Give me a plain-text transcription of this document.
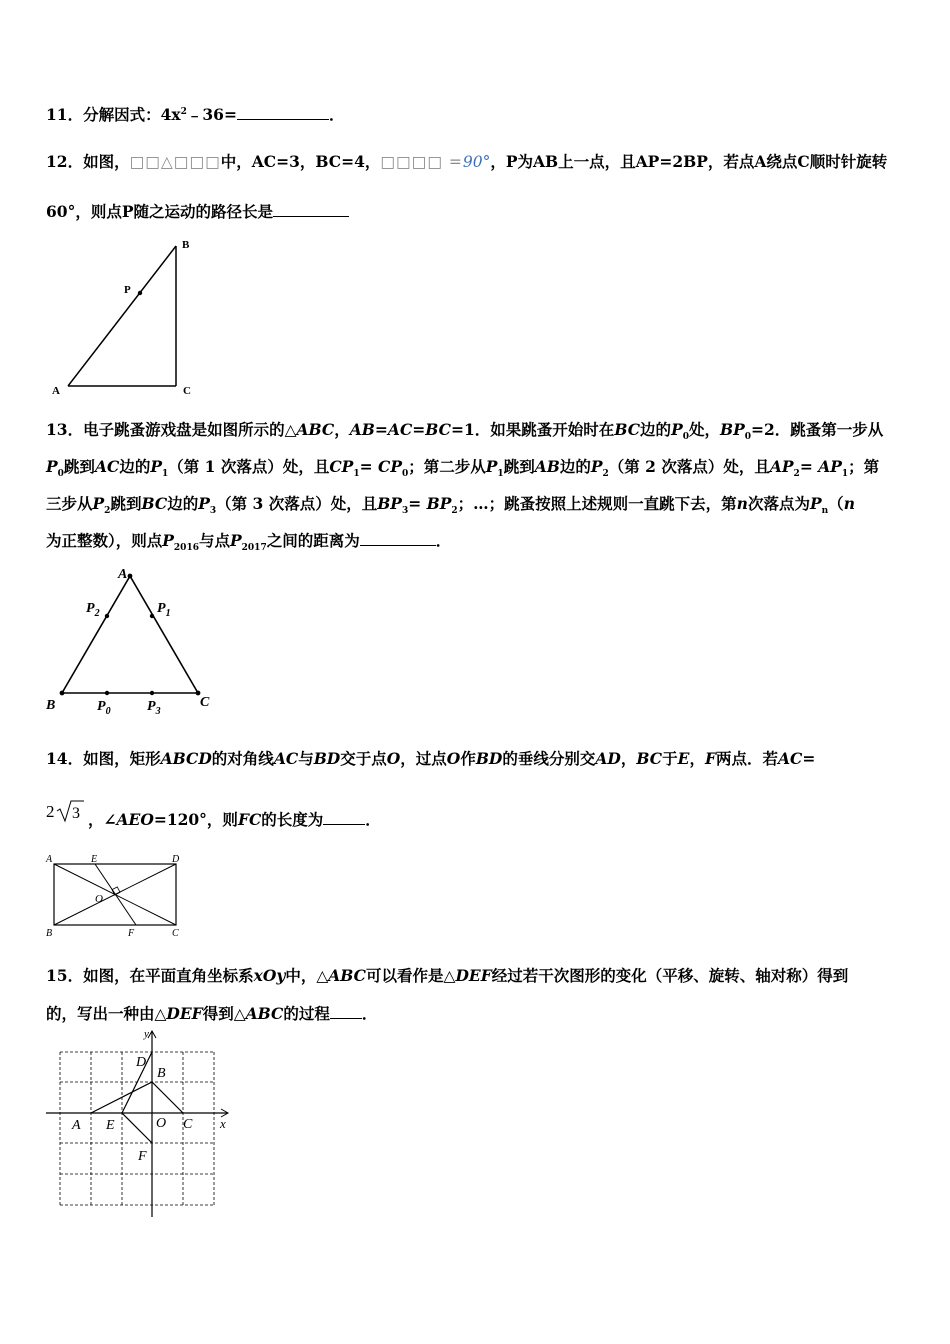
11．分解因式：$4x^2﹣36=$	．
12．如图，□□△□□□中，AC=3，BC=4，□□□□ =90°，P为AB上一点，且AP=2BP，若点A绕点C顺时针旋转
60°，则点P随之运动的路径长是
B
P
A	C
13．电子跳蚤游戏盘是如图所示的△ABC，AB=AC=BC=1．如果跳蚤开始时在BC边的$P_0$处，$BP_0=2$．跳蚤第一步从
$P_0$跳到AC边的$P_1$（第 1 次落点）处，且$CP_1= CP_0$；第二步从$P_1$跳到AB边的$P_2$（第 2 次落点）处，且$AP_2= AP_1$；第
三步从$P_2$跳到BC边的$P_3$（第 3 次落点）处，且$BP_3= BP_2$；…；跳蚤按照上述规则一直跳下去，第n次落点为$P_n(n$
为正整数），则点$P_{2016}$与点$P_{2017}$之间的距离为	．
A
$P_2$	$P_1$
B	$P_0$	$P_3$
C
14．如图，矩形ABCD的对角线AC与BD交于点O，过点O作BD的垂线分别交AD，BC于E，F两点．若AC=
2 3 ，∠AEO=120°，则FC的长度为	．
A	E	D
O
B	F	C
15．如图，在平面直角坐标系xOy中，△ABC可以看作是△DEF经过若干次图形的变化（平移、旋转、轴对称）得到
的，写出一种由△DEF得到△ABC的过程 ．
y
D
B
A E	O C x
F
